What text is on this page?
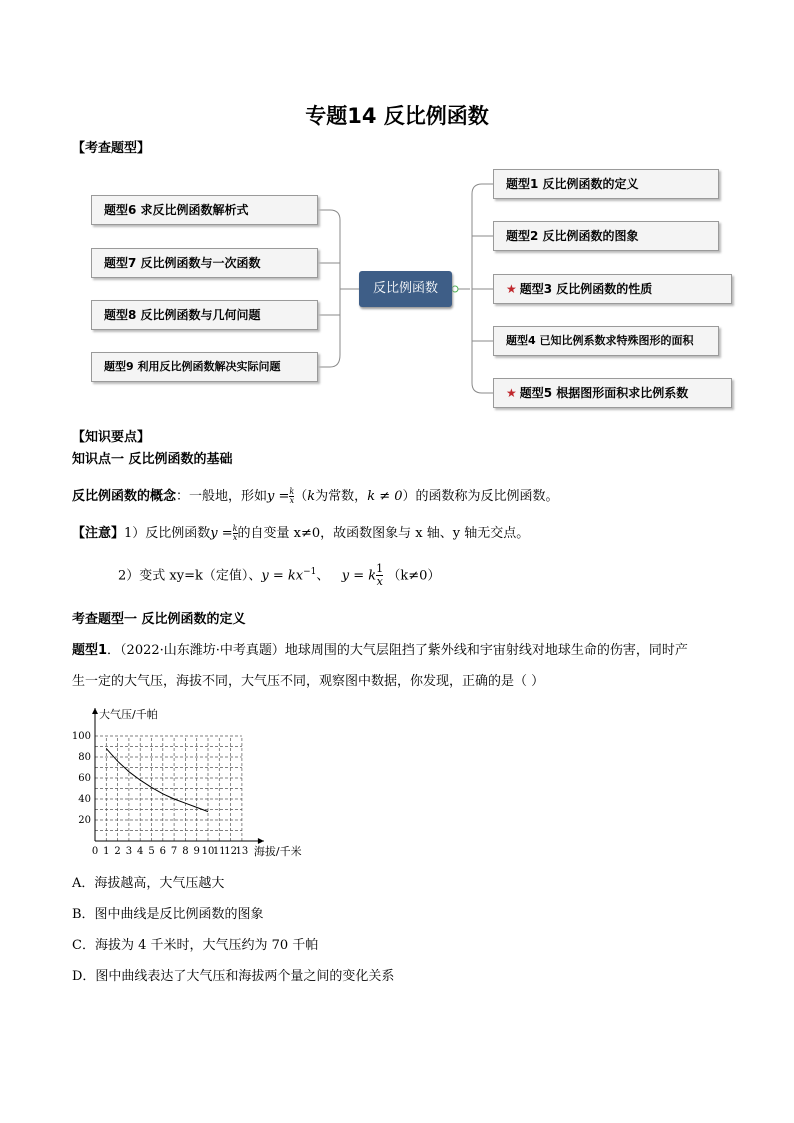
专题14 反比例函数
【考查题型】
反比例函数
题型6 求反比例函数解析式
题型7 反比例函数与一次函数
题型8 反比例函数与几何问题
题型9 利用反比例函数解决实际问题
题型1 反比例函数的定义
题型2 反比例函数的图象
★ 题型3 反比例函数的性质
题型4 已知比例系数求特殊图形的面积
★ 题型5 根据图形面积求比例系数
【知识要点】
知识点一 反比例函数的基础
反比例函数的概念：一般地，形如$y = \frac{k}{x} (k$为常数，k ≠ 0）的函数称为反比例函数。
【注意】1）反比例函数$y = \frac{k}{x}$ 的自变量 x≠0，故函数图象与 x 轴、y 轴无交点。
2）变式 xy=k（定值）、$y = kx^{-1}$、 y = k $\frac{1}{x} (k\ne 0)$
考查题型一 反比例函数的定义
题型1．（2022·山东潍坊·中考真题）地球周围的大气层阻挡了紫外线和宇宙射线对地球生命的伤害，同时产
生一定的大气压，海拔不同，大气压不同，观察图中数据，你发现，正确的是（ ）
0 1 2 3 4 5 6 7 8 9 10
11
12
13
20
40
60
80
100
大气压/千帕
海拔/千米
A．海拔越高，大气压越大
B．图中曲线是反比例函数的图象
C．海拔为 4 千米时，大气压约为 70 千帕
D．图中曲线表达了大气压和海拔两个量之间的变化关系
